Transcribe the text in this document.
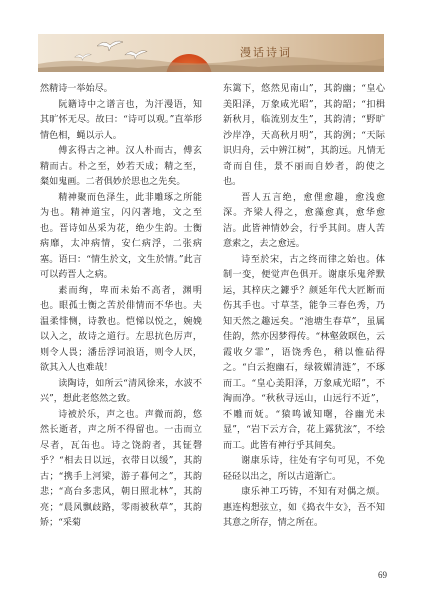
漫话诗词

然精诗一举始尽。

阮籍诗中之谱言也，为汗漫语，知其旷怀无尽。故曰：“诗可以观。”直举形情色相，蝇以示人。

傅玄得古之神。汉人朴而古，傅玄精而古。朴之至，妙若天成；精之至，粲如鬼画。二者俱妙於思也之先矣。

精神聚而色泽生，此非雕琢之所能为也。精神道宝，闪闪著地，文之至也。晋诗如丛采为花，绝少生韵。士衡病靡，太冲病情，安仁病浮，二张病塞。语曰：“情生於文，文生於情。”此言可以药晋人之病。

素而绚，卑而未始不高者，渊明也。眼孤士衡之苦於俳情而不华也。夫温柔悱恻，诗教也。恺悌以悦之，婉娩以入之，故诗之道行。左思抗色厉声，则令人畏；潘岳浮词浪语，则令人厌，欲其入人也难哉！

读陶诗，如所云“清风徐来，水波不兴”，想此老悠然之致。

诗被於乐，声之也。声微而韵，悠然长逝者，声之所不得留也。一击而立尽者，瓦缶也。诗之饶韵者，其钲磬乎？“相去日以远，衣带日以缓”，其韵古；“携手上河梁，游子暮何之”，其韵悲；“高台多悲风，朝日照北林”，其韵亮；“晨风飘歧路，零雨被秋草”，其韵矫；“采菊

东篱下，悠然见南山”，其韵幽；“皇心美阳泽，万象咸光昭”，其韵韶；“扣楫新秋月，临流别友生”，其韵清；“野旷沙岸净，天高秋月明”，其韵洌；“天际识归舟，云中辨江树”，其韵远。凡情无奇而自佳，景不丽而自妙者，韵使之也。

晋人五言绝，愈俚愈趣，愈浅愈深。齐梁人得之，愈藻愈真，愈华愈洁。此皆神情妙会，行乎其间。唐人苦意索之，去之愈远。

诗至於宋，古之终而律之始也。体制一变，便觉声色俱开。谢康乐鬼斧默运，其梓庆之鐻乎？颜延年代大匠断而伤其手也。寸草茎，能争三春色秀，乃知天然之趣远矣。“池塘生春草”，虽属佳韵，然亦因梦得传。“林壑敛暝色，云霞收夕霏”，语饶秀色，稍以惟砧得之。“白云抱幽石，绿筱媚清涟”，不琢而工。“皇心美阳泽，万象咸光昭”，不淘而净。“秋秋寻远山，山远行不近”，不雕而妩。“猿鸣诚知曙，谷幽光未显”，“岩下云方合，花上露犹泫”，不绘而工。此皆有神行乎其间矣。

谢康乐诗，往处有字句可见，不免硁硁以出之，所以古道渐亡。

康乐神工巧铸，不知有对偶之烦。惠连构想弦立，如《捣衣牛女》，吾不知其意之所存，情之所在。

69
